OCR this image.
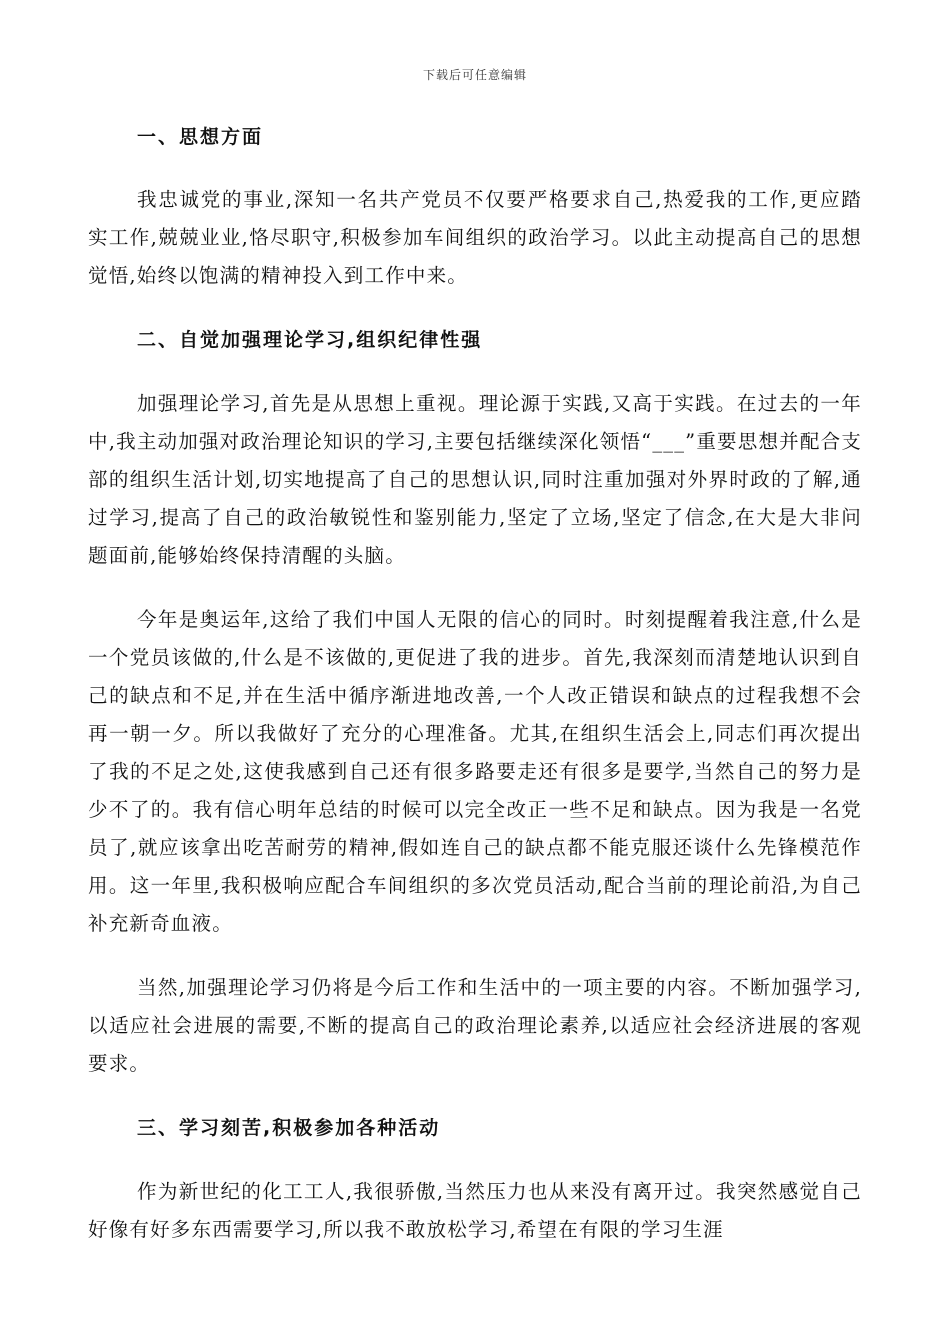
下载后可任意编辑
一、思想方面

我忠诚党的事业,深知一名共产党员不仅要严格要求自己,热爱我的工作,更应踏实工作,兢兢业业,恪尽职守,积极参加车间组织的政治学习。以此主动提高自己的思想觉悟,始终以饱满的精神投入到工作中来。

二、自觉加强理论学习,组织纪律性强

加强理论学习,首先是从思想上重视。理论源于实践,又高于实践。在过去的一年中,我主动加强对政治理论知识的学习,主要包括继续深化领悟“___”重要思想并配合支部的组织生活计划,切实地提高了自己的思想认识,同时注重加强对外界时政的了解,通过学习,提高了自己的政治敏锐性和鉴别能力,坚定了立场,坚定了信念,在大是大非问题面前,能够始终保持清醒的头脑。

今年是奥运年,这给了我们中国人无限的信心的同时。时刻提醒着我注意,什么是一个党员该做的,什么是不该做的,更促进了我的进步。首先,我深刻而清楚地认识到自己的缺点和不足,并在生活中循序渐进地改善,一个人改正错误和缺点的过程我想不会再一朝一夕。所以我做好了充分的心理准备。尤其,在组织生活会上,同志们再次提出了我的不足之处,这使我感到自己还有很多路要走还有很多是要学,当然自己的努力是少不了的。我有信心明年总结的时候可以完全改正一些不足和缺点。因为我是一名党员了,就应该拿出吃苦耐劳的精神,假如连自己的缺点都不能克服还谈什么先锋模范作用。这一年里,我积极响应配合车间组织的多次党员活动,配合当前的理论前沿,为自己补充新奇血液。

当然,加强理论学习仍将是今后工作和生活中的一项主要的内容。不断加强学习,以适应社会进展的需要,不断的提高自己的政治理论素养,以适应社会经济进展的客观要求。

三、学习刻苦,积极参加各种活动

作为新世纪的化工工人,我很骄傲,当然压力也从来没有离开过。我突然感觉自己好像有好多东西需要学习,所以我不敢放松学习,希望在有限的学习生涯
